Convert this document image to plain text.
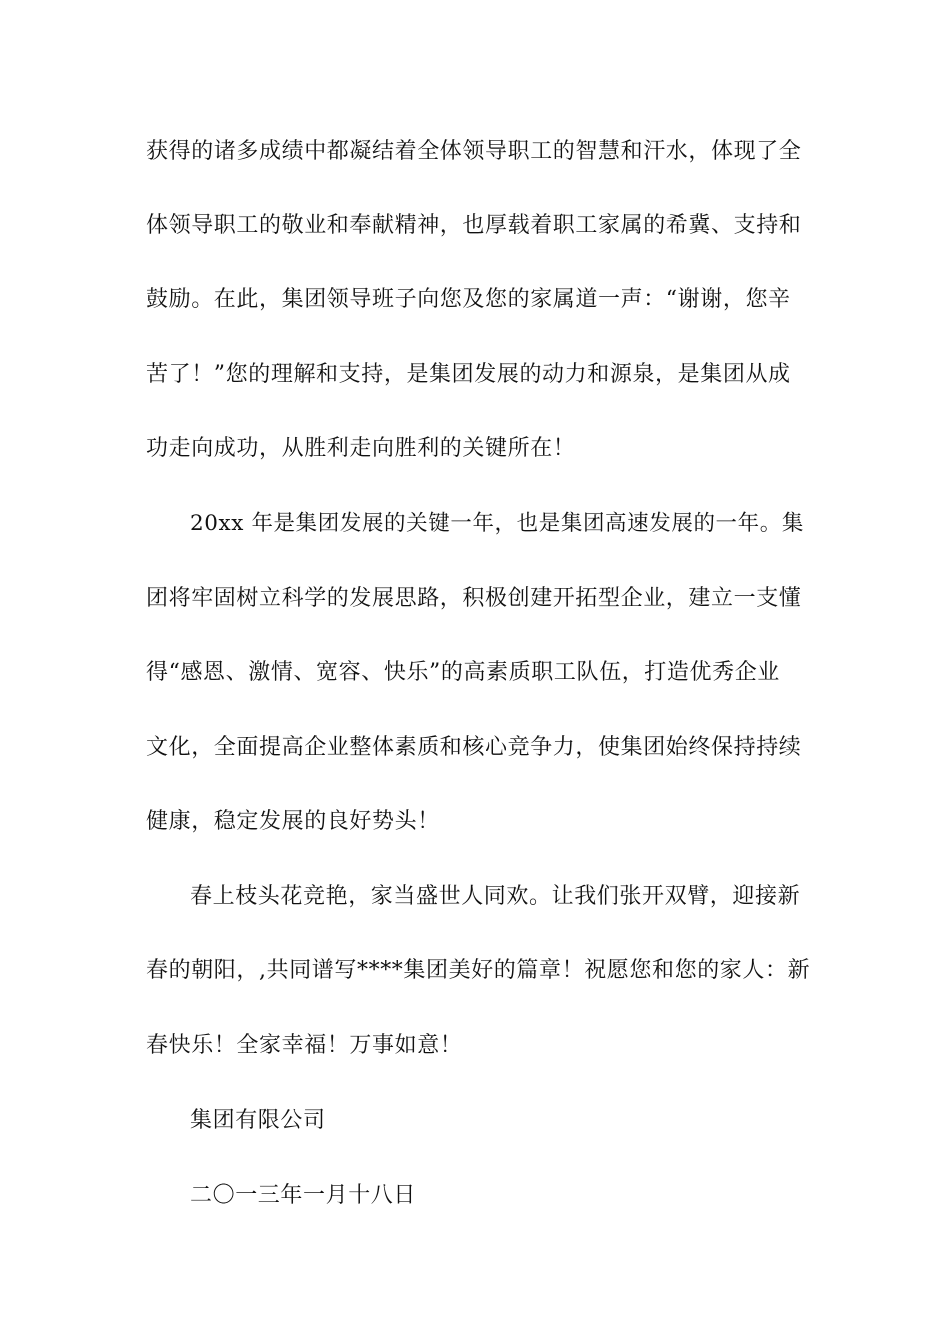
获得的诸多成绩中都凝结着全体领导职工的智慧和汗水，体现了全
体领导职工的敬业和奉献精神，也厚载着职工家属的希冀、支持和
鼓励。在此，集团领导班子向您及您的家属道一声：“谢谢，您辛
苦了！”您的理解和支持，是集团发展的动力和源泉，是集团从成
功走向成功，从胜利走向胜利的关键所在！
20xx 年是集团发展的关键一年，也是集团高速发展的一年。集
团将牢固树立科学的发展思路，积极创建开拓型企业，建立一支懂
得“感恩、激情、宽容、快乐”的高素质职工队伍，打造优秀企业
文化，全面提高企业整体素质和核心竞争力，使集团始终保持持续
健康，稳定发展的良好势头！
春上枝头花竞艳，家当盛世人同欢。让我们张开双臂，迎接新
春的朝阳，,共同谱写****集团美好的篇章！祝愿您和您的家人：新
春快乐！全家幸福！万事如意！
集团有限公司
二〇一三年一月十八日
